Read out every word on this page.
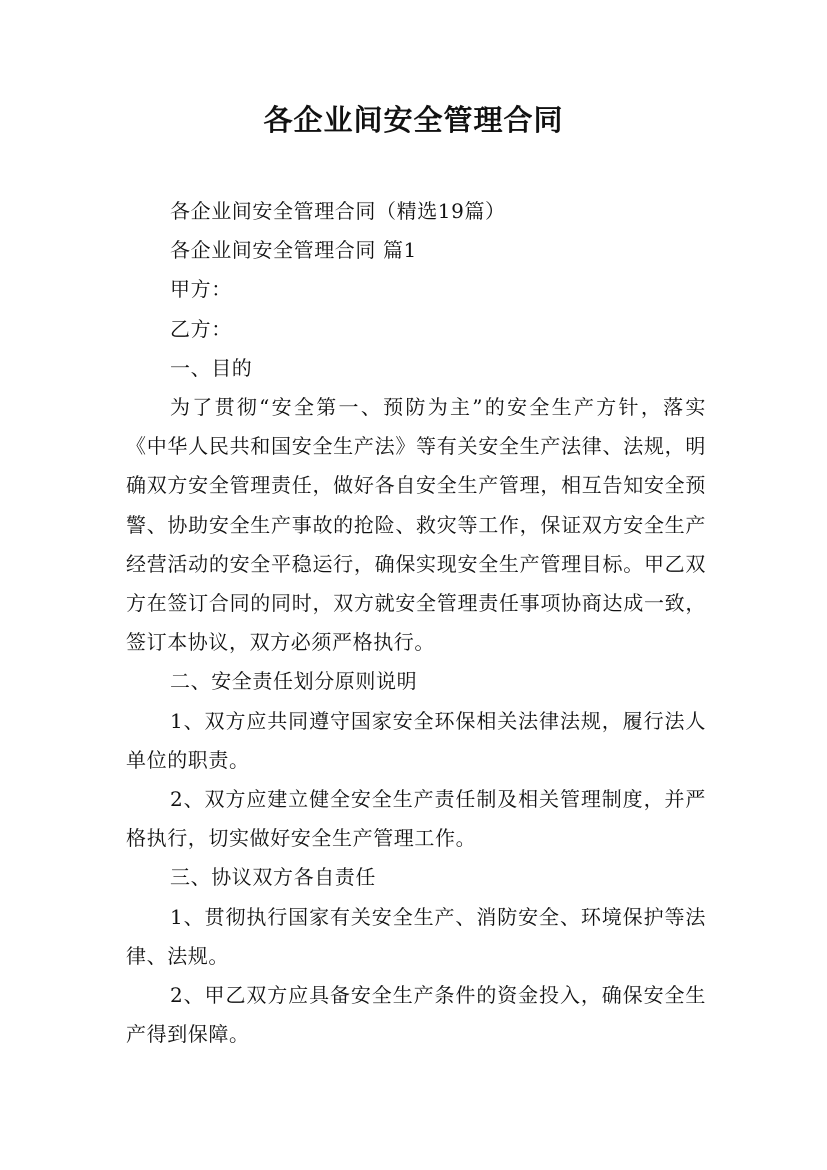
各企业间安全管理合同

各企业间安全管理合同（精选19篇）

各企业间安全管理合同 篇1

甲方：

乙方：

一、目的

为了贯彻“安全第一、预防为主”的安全生产方针，落实《中华人民共和国安全生产法》等有关安全生产法律、法规，明确双方安全管理责任，做好各自安全生产管理，相互告知安全预警、协助安全生产事故的抢险、救灾等工作，保证双方安全生产经营活动的安全平稳运行，确保实现安全生产管理目标。甲乙双方在签订合同的同时，双方就安全管理责任事项协商达成一致，签订本协议，双方必须严格执行。

二、安全责任划分原则说明

1、双方应共同遵守国家安全环保相关法律法规，履行法人单位的职责。

2、双方应建立健全安全生产责任制及相关管理制度，并严格执行，切实做好安全生产管理工作。

三、协议双方各自责任

1、贯彻执行国家有关安全生产、消防安全、环境保护等法律、法规。

2、甲乙双方应具备安全生产条件的资金投入，确保安全生产得到保障。
